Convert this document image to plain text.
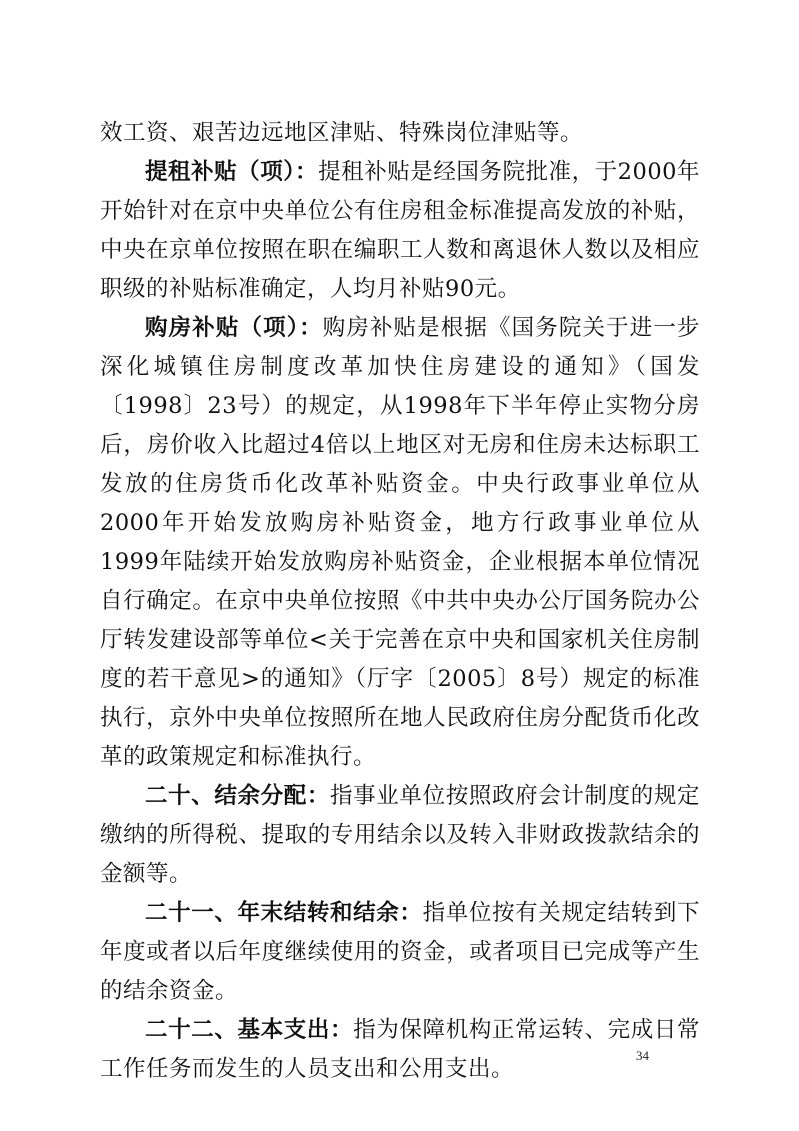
效工资、艰苦边远地区津贴、特殊岗位津贴等。

提租补贴（项）：提租补贴是经国务院批准，于2000年开始针对在京中央单位公有住房租金标准提高发放的补贴，中央在京单位按照在职在编职工人数和离退休人数以及相应职级的补贴标准确定，人均月补贴90元。

购房补贴（项）：购房补贴是根据《国务院关于进一步深化城镇住房制度改革加快住房建设的通知》（国发〔1998〕23号）的规定，从1998年下半年停止实物分房后，房价收入比超过4倍以上地区对无房和住房未达标职工发放的住房货币化改革补贴资金。中央行政事业单位从2000年开始发放购房补贴资金，地方行政事业单位从1999年陆续开始发放购房补贴资金，企业根据本单位情况自行确定。在京中央单位按照《中共中央办公厅国务院办公厅转发建设部等单位<关于完善在京中央和国家机关住房制度的若干意见>的通知》（厅字〔2005〕8号）规定的标准执行，京外中央单位按照所在地人民政府住房分配货币化改革的政策规定和标准执行。

二十、结余分配：指事业单位按照政府会计制度的规定缴纳的所得税、提取的专用结余以及转入非财政拨款结余的金额等。

二十一、年末结转和结余：指单位按有关规定结转到下年度或者以后年度继续使用的资金，或者项目已完成等产生的结余资金。

二十二、基本支出：指为保障机构正常运转、完成日常工作任务而发生的人员支出和公用支出。

34
